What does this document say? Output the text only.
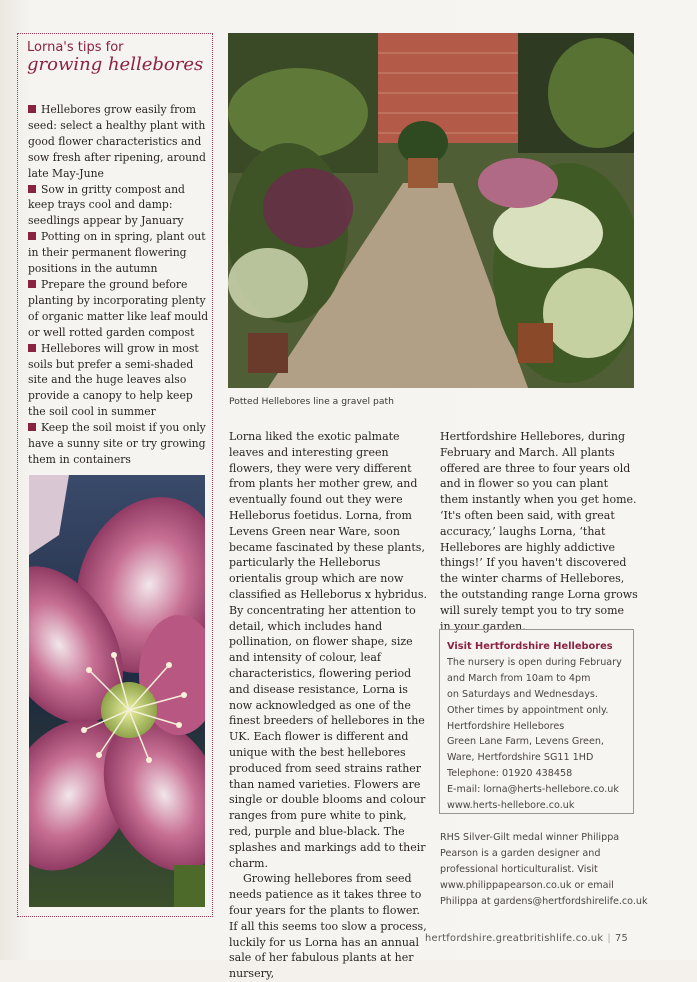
Lorna's tips for
growing hellebores

Hellebores grow easily from seed: select a healthy plant with good flower characteristics and sow fresh after ripening, around late May-June

Sow in gritty compost and keep trays cool and damp: seedlings appear by January

Potting on in spring, plant out in their permanent flowering positions in the autumn

Prepare the ground before planting by incorporating plenty of organic matter like leaf mould or well rotted garden compost

Hellebores will grow in most soils but prefer a semi-shaded site and the huge leaves also provide a canopy to help keep the soil cool in summer

Keep the soil moist if you only have a sunny site or try growing them in containers

Potted Hellebores line a gravel path

Lorna liked the exotic palmate leaves and interesting green flowers, they were very different from plants her mother grew, and eventually found out they were Helleborus foetidus. Lorna, from Levens Green near Ware, soon became fascinated by these plants, particularly the Helleborus orientalis group which are now classified as Helleborus x hybridus. By concentrating her attention to detail, which includes hand pollination, on flower shape, size and intensity of colour, leaf characteristics, flowering period and disease resistance, Lorna is now acknowledged as one of the finest breeders of hellebores in the UK. Each flower is different and unique with the best hellebores produced from seed strains rather than named varieties. Flowers are single or double blooms and colour ranges from pure white to pink, red, purple and blue-black. The splashes and markings add to their charm.

Growing hellebores from seed needs patience as it takes three to four years for the plants to flower. If all this seems too slow a process, luckily for us Lorna has an annual sale of her fabulous plants at her nursery,

Hertfordshire Hellebores, during February and March. All plants offered are three to four years old and in flower so you can plant them instantly when you get home. ‘It's often been said, with great accuracy,’ laughs Lorna, ‘that Hellebores are highly addictive things!’ If you haven't discovered the winter charms of Hellebores, the outstanding range Lorna grows will surely tempt you to try some in your garden.

Visit Hertfordshire Hellebores
The nursery is open during February
and March from 10am to 4pm
on Saturdays and Wednesdays.
Other times by appointment only.
Hertfordshire Hellebores
Green Lane Farm, Levens Green,
Ware, Hertfordshire SG11 1HD
Telephone: 01920 438458
E-mail: lorna@herts-hellebore.co.uk
www.herts-hellebore.co.uk
RHS Silver-Gilt medal winner Philippa
Pearson is a garden designer and
professional horticulturalist. Visit
www.philippapearson.co.uk or email
Philippa at gardens@hertfordshirelife.co.uk
hertfordshire.greatbritishlife.co.uk | 75
